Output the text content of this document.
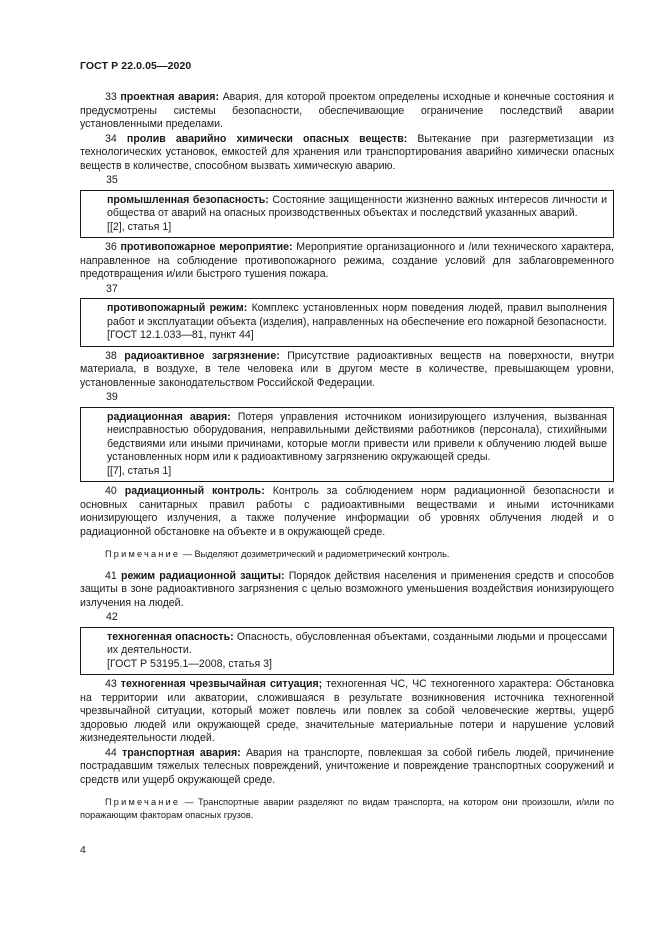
ГОСТ Р 22.0.05—2020

33 проектная авария: Авария, для которой проектом определены исходные и конечные состояния и предусмотрены системы безопасности, обеспечивающие ограничение последствий аварии установленными пределами.

34 пролив аварийно химически опасных веществ: Вытекание при разгерметизации из технологических установок, емкостей для хранения или транспортирования аварийно химически опасных веществ в количестве, способном вызвать химическую аварию.

35

промышленная безопасность: Состояние защищенности жизненно важных интересов личности и общества от аварий на опасных производственных объектах и последствий указанных аварий.

[[2], статья 1]

36 противопожарное мероприятие: Мероприятие организационного и /или технического характера, направленное на соблюдение противопожарного режима, создание условий для заблаговременного предотвращения и/или быстрого тушения пожара.

37

противопожарный режим: Комплекс установленных норм поведения людей, правил выполнения работ и эксплуатации объекта (изделия), направленных на обеспечение его пожарной безопасности.

[ГОСТ 12.1.033—81, пункт 44]

38 радиоактивное загрязнение: Присутствие радиоактивных веществ на поверхности, внутри материала, в воздухе, в теле человека или в другом месте в количестве, превышающем уровни, установленные законодательством Российской Федерации.

39

радиационная авария: Потеря управления источником ионизирующего излучения, вызванная неисправностью оборудования, неправильными действиями работников (персонала), стихийными бедствиями или иными причинами, которые могли привести или привели к облучению людей выше установленных норм или к радиоактивному загрязнению окружающей среды.

[[7], статья 1]

40 радиационный контроль: Контроль за соблюдением норм радиационной безопасности и основных санитарных правил работы с радиоактивными веществами и иными источниками ионизирующего излучения, а также получение информации об уровнях облучения людей и о радиационной обстановке на объекте и в окружающей среде.

Примечание — Выделяют дозиметрический и радиометрический контроль.

41 режим радиационной защиты: Порядок действия населения и применения средств и способов защиты в зоне радиоактивного загрязнения с целью возможного уменьшения воздействия ионизирующего излучения на людей.

42

техногенная опасность: Опасность, обусловленная объектами, созданными людьми и процессами их деятельности.

[ГОСТ Р 53195.1—2008, статья 3]

43 техногенная чрезвычайная ситуация; техногенная ЧС, ЧС техногенного характера: Обстановка на территории или акватории, сложившаяся в результате возникновения источника техногенной чрезвычайной ситуации, который может повлечь или повлек за собой человеческие жертвы, ущерб здоровью людей или окружающей среде, значительные материальные потери и нарушение условий жизнедеятельности людей.

44 транспортная авария: Авария на транспорте, повлекшая за собой гибель людей, причинение пострадавшим тяжелых телесных повреждений, уничтожение и повреждение транспортных сооружений и средств или ущерб окружающей среде.

Примечание — Транспортные аварии разделяют по видам транспорта, на котором они произошли, и/или по поражающим факторам опасных грузов.

4
